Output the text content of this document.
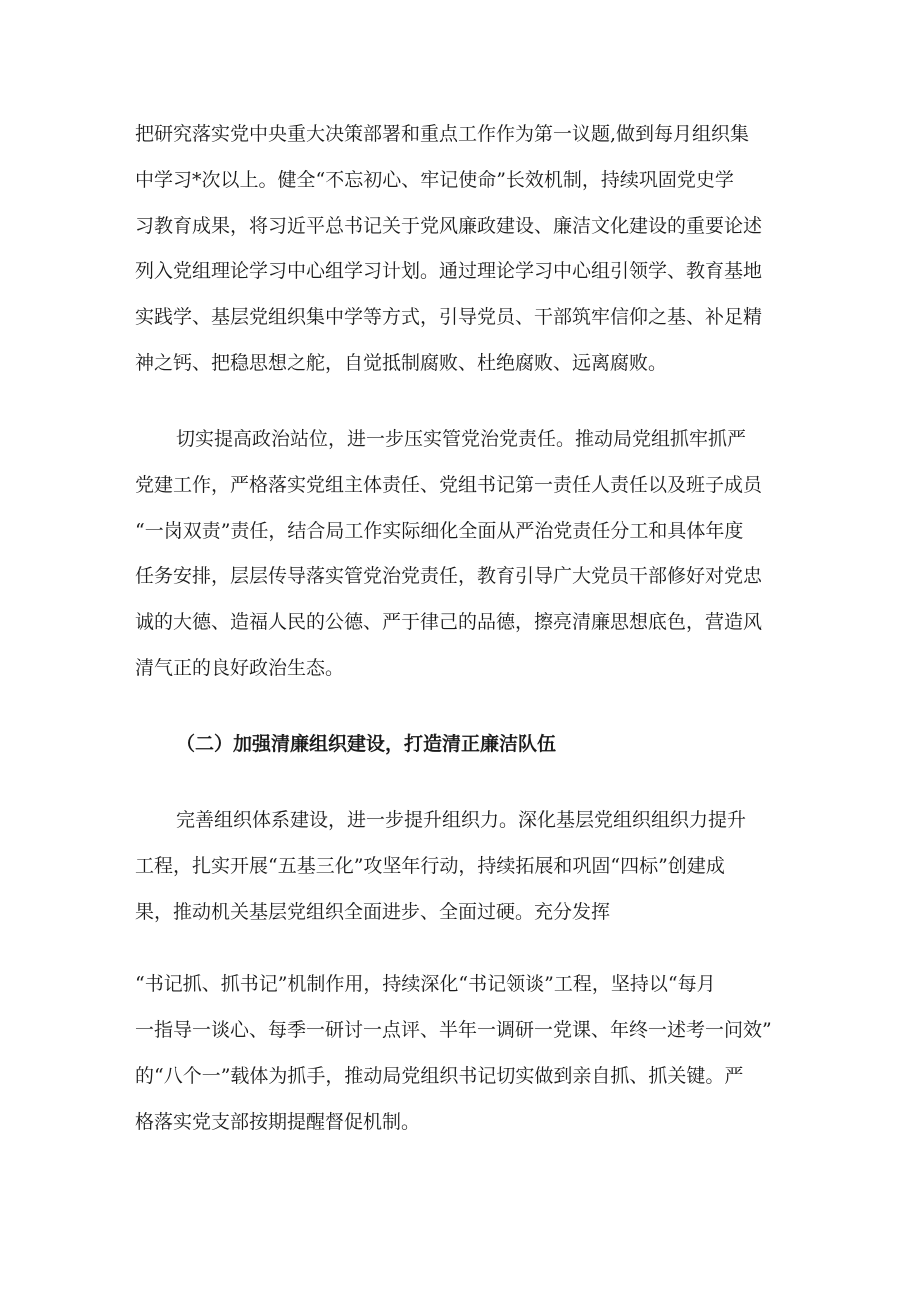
把研究落实党中央重大决策部署和重点工作作为第一议题,做到每月组织集
中学习*次以上。健全“不忘初心、牢记使命”长效机制，持续巩固党史学
习教育成果，将习近平总书记关于党风廉政建设、廉洁文化建设的重要论述
列入党组理论学习中心组学习计划。通过理论学习中心组引领学、教育基地
实践学、基层党组织集中学等方式，引导党员、干部筑牢信仰之基、补足精
神之钙、把稳思想之舵，自觉抵制腐败、杜绝腐败、远离腐败。
切实提高政治站位，进一步压实管党治党责任。推动局党组抓牢抓严
党建工作，严格落实党组主体责任、党组书记第一责任人责任以及班子成员
“一岗双责”责任，结合局工作实际细化全面从严治党责任分工和具体年度
任务安排，层层传导落实管党治党责任，教育引导广大党员干部修好对党忠
诚的大德、造福人民的公德、严于律己的品德，擦亮清廉思想底色，营造风
清气正的良好政治生态。
（二）加强清廉组织建设，打造清正廉洁队伍
完善组织体系建设，进一步提升组织力。深化基层党组织组织力提升
工程，扎实开展“五基三化”攻坚年行动，持续拓展和巩固“四标”创建成
果，推动机关基层党组织全面进步、全面过硬。充分发挥
“书记抓、抓书记”机制作用，持续深化“书记领谈”工程，坚持以“每月
一指导一谈心、每季一研讨一点评、半年一调研一党课、年终一述考一问效”
的“八个一”载体为抓手，推动局党组织书记切实做到亲自抓、抓关键。严
格落实党支部按期提醒督促机制。
